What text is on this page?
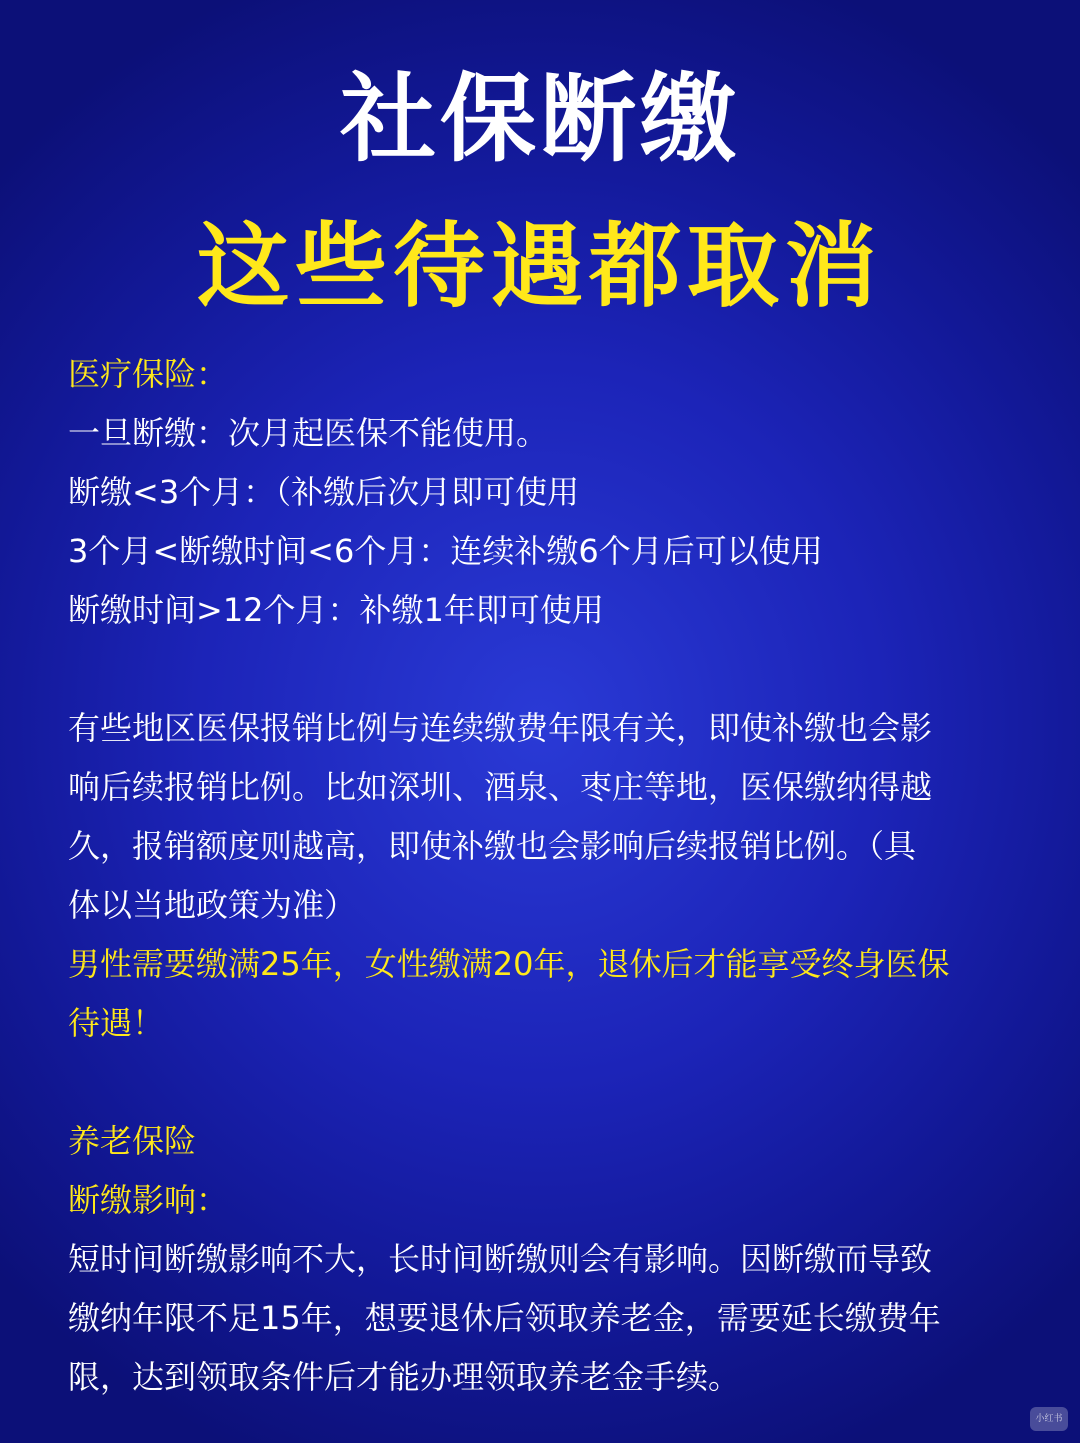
社保断缴
这些待遇都取消
医疗保险：
一旦断缴：次月起医保不能使用。
断缴<3个月：（补缴后次月即可使用
3个月<断缴时间<6个月：连续补缴6个月后可以使用
断缴时间>12个月：补缴1年即可使用
有些地区医保报销比例与连续缴费年限有关，即使补缴也会影
响后续报销比例。比如深圳、酒泉、枣庄等地，医保缴纳得越
久，报销额度则越高，即使补缴也会影响后续报销比例。（具
体以当地政策为准）
男性需要缴满25年，女性缴满20年，退休后才能享受终身医保
待遇！
养老保险
断缴影响：
短时间断缴影响不大，长时间断缴则会有影响。因断缴而导致
缴纳年限不足15年，想要退休后领取养老金，需要延长缴费年
限，达到领取条件后才能办理领取养老金手续。
小红书
